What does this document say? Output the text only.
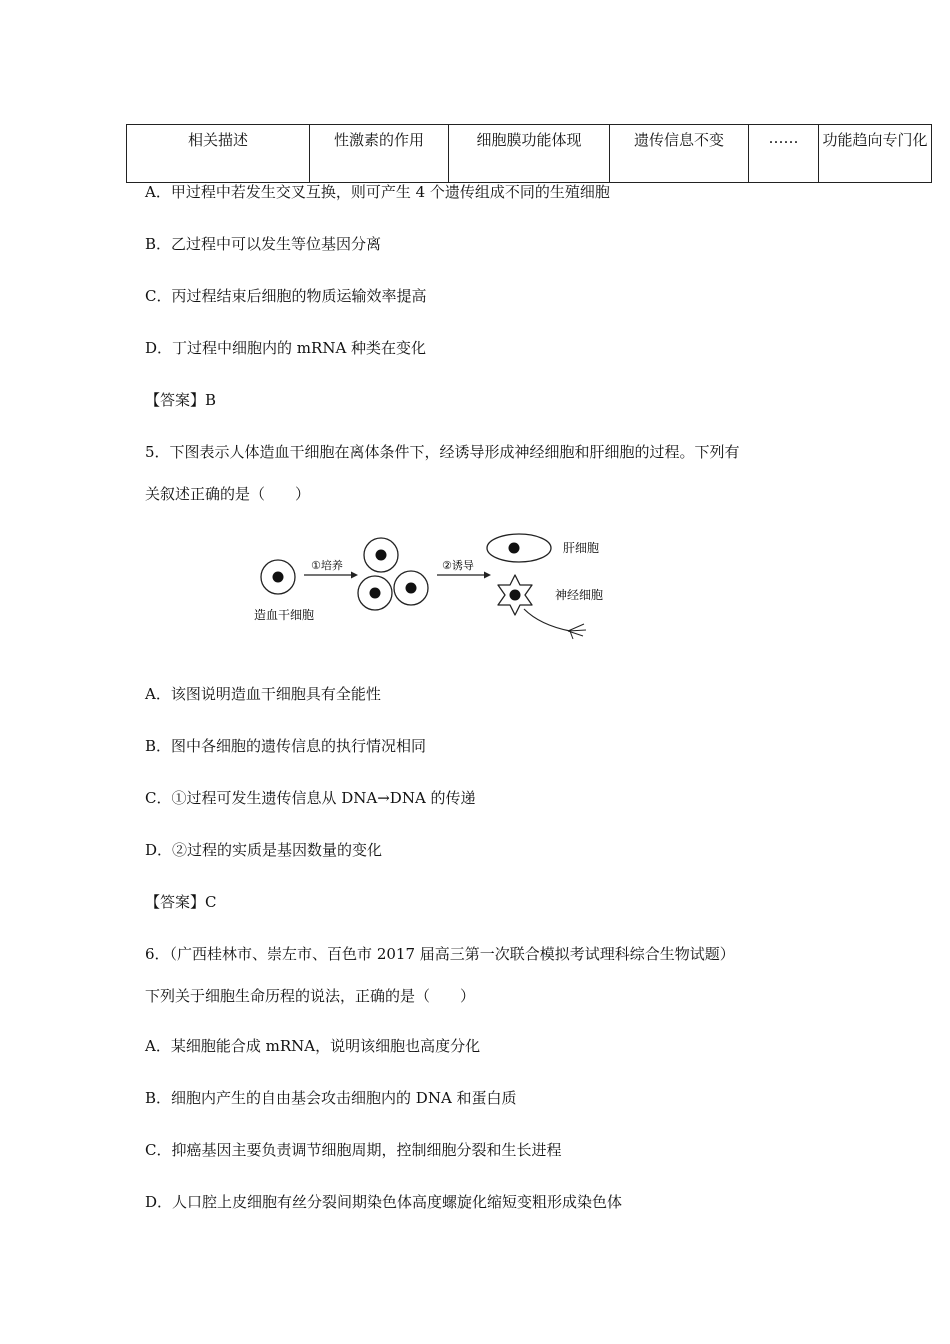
相关描述	性激素的作用	细胞膜功能体现	遗传信息不变	……	功能趋向专门化
A．甲过程中若发生交叉互换，则可产生 4 个遗传组成不同的生殖细胞
B．乙过程中可以发生等位基因分离
C．丙过程结束后细胞的物质运输效率提高
D．丁过程中细胞内的 mRNA 种类在变化
【答案】B
5．下图表示人体造血干细胞在离体条件下，经诱导形成神经细胞和肝细胞的过程。下列有
关叙述正确的是（　　）
造血干细胞
①培养	②诱导
肝细胞
神经细胞
A．该图说明造血干细胞具有全能性
B．图中各细胞的遗传信息的执行情况相同
C．①过程可发生遗传信息从 DNA→DNA 的传递
D．②过程的实质是基因数量的变化
【答案】C
6．（广西桂林市、崇左市、百色市 2017 届高三第一次联合模拟考试理科综合生物试题）
下列关于细胞生命历程的说法，正确的是（　　）
A．某细胞能合成 mRNA，说明该细胞也高度分化
B．细胞内产生的自由基会攻击细胞内的 DNA 和蛋白质
C．抑癌基因主要负责调节细胞周期，控制细胞分裂和生长进程
D．人口腔上皮细胞有丝分裂间期染色体高度螺旋化缩短变粗形成染色体
